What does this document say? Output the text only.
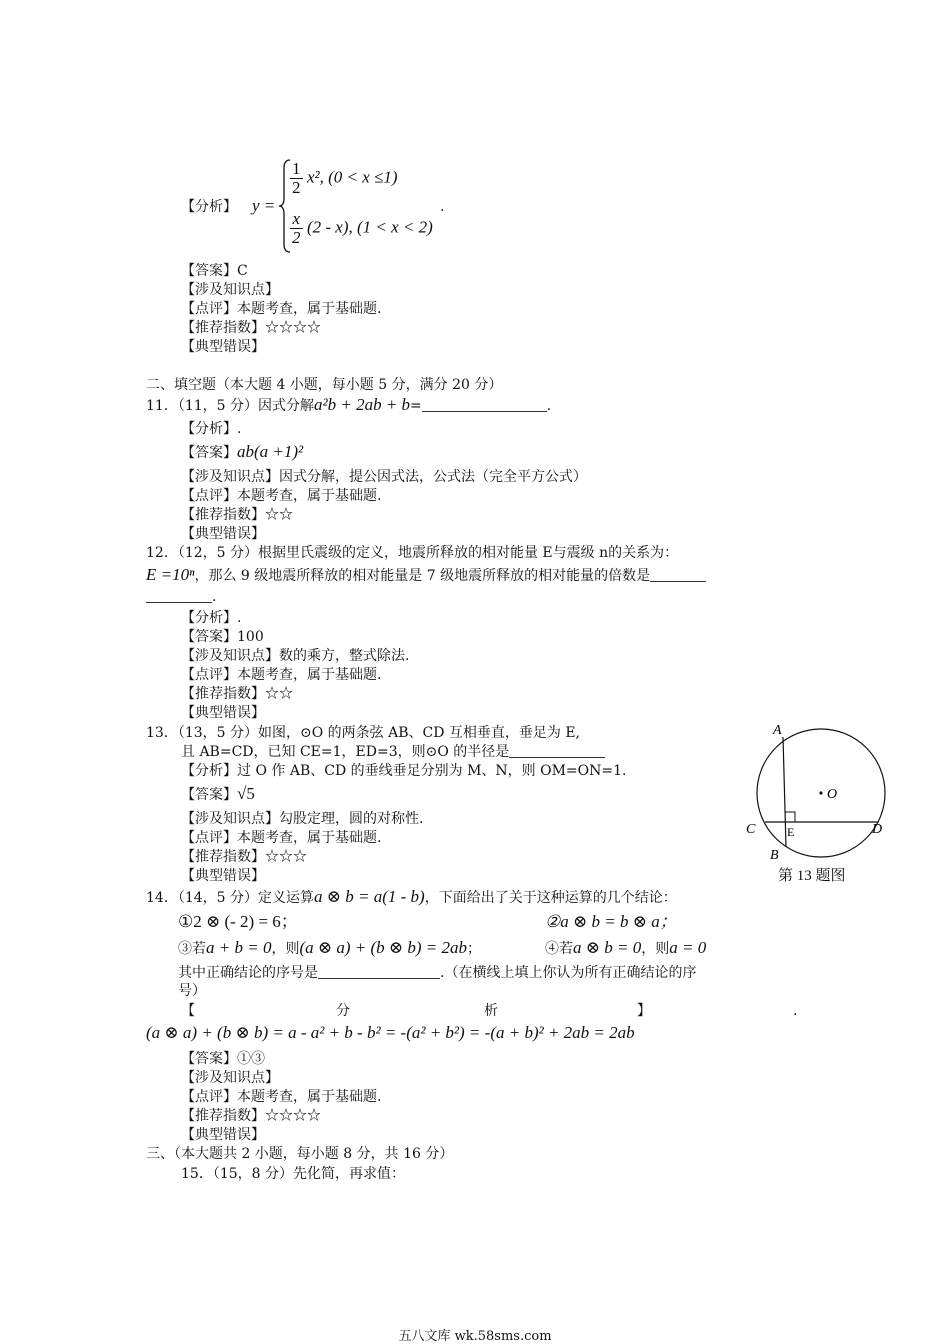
【分析】 y =
$\frac{1}{2} x^2$, (0 < x ≤1)
$\frac{x}{2} (2 - x)$, (1 < x < 2)
.
【答案】C
【涉及知识点】
【点评】本题考查，属于基础题.
【推荐指数】☆☆☆☆
【典型错误】
二、填空题（本大题 4 小题，每小题 5 分，满分 20 分）
11．（11，5 分）因式分解a²b + 2ab + b=	.
【分析】.
【答案】ab(a +1)²
【涉及知识点】因式分解，提公因式法，公式法（完全平方公式）
【点评】本题考查，属于基础题.
【推荐指数】☆☆
【典型错误】
12．（12，5 分）根据里氏震级的定义，地震所释放的相对能量 E与震级 n的关系为：
E =10ⁿ，那么 9 级地震所释放的相对能量是 7 级地震所释放的相对能量的倍数是
.
【分析】.
【答案】100
【涉及知识点】数的乘方，整式除法.
【点评】本题考查，属于基础题.
【推荐指数】☆☆
【典型错误】
13．（13，5 分）如图，⊙O 的两条弦 AB、CD 互相垂直，垂足为 E,
且 AB=CD，已知 CE=1，ED=3，则⊙O 的半径是
【分析】过 O 作 AB、CD 的垂线垂足分别为 M、N，则 OM=ON=1.
【答案】√5
【涉及知识点】勾股定理，圆的对称性.
【点评】本题考查，属于基础题.
【推荐指数】☆☆☆
【典型错误】
A
O
C	E	D
B
第 13 题图
14．（14，5 分）定义运算a ⊗ b = a(1 - b)，下面给出了关于这种运算的几个结论：
①2 ⊗ (- 2) = 6；	②a ⊗ b = b ⊗ a；
③若a + b = 0，则(a ⊗ a) + (b ⊗ b) = 2ab；	④若a ⊗ b = 0，则a = 0
其中正确结论的序号是	.（在横线上填上你认为所有正确结论的序
号）
【	分	析	】	.
(a ⊗ a) + (b ⊗ b) = a - a² + b - b² = -(a² + b²) = -(a + b)² + 2ab = 2ab
【答案】①③
【涉及知识点】
【点评】本题考查，属于基础题.
【推荐指数】☆☆☆☆
【典型错误】
三、（本大题共 2 小题，每小题 8 分，共 16 分）
15．（15，8 分）先化简，再求值：
五八文库 wk.58sms.com
